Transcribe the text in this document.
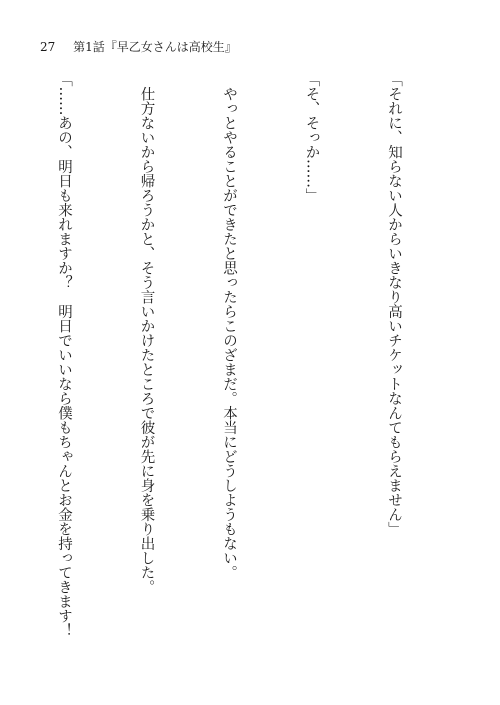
27 第1話『早乙女さんは高校生』

「それに、知らない人からいきなり高いチケットなんてもらえません」

「そ、そっか……」

　やっとやることができたと思ったらこのざまだ。本当にどうしようもない。

　仕方ないから帰ろうかと、そう言いかけたところで彼が先に身を乗り出した。

「……あの、明日も来れますか？　明日でいいなら僕もちゃんとお金を持ってきます！
